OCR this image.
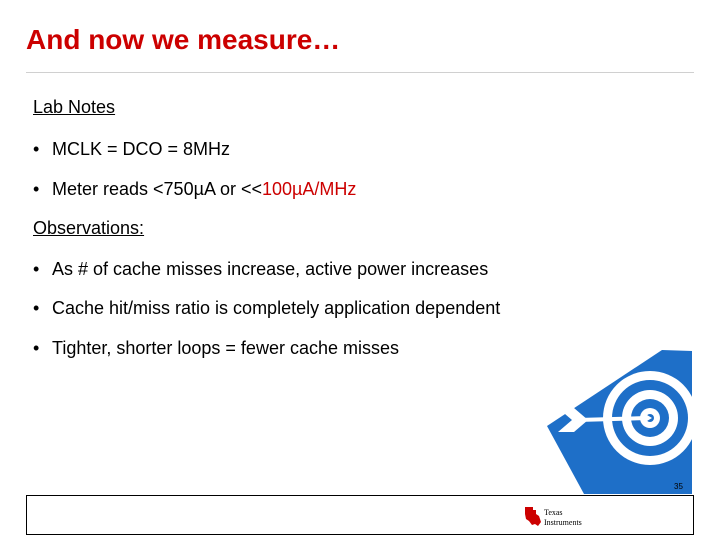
And now we measure…
Lab Notes
• MCLK = DCO = 8MHz
• Meter reads <750µA or <<100µA/MHz
Observations:
• As # of cache misses increase, active power increases
• Cache hit/miss ratio is completely application dependent
• Tighter, shorter loops = fewer cache misses
35
Texas
Instruments
